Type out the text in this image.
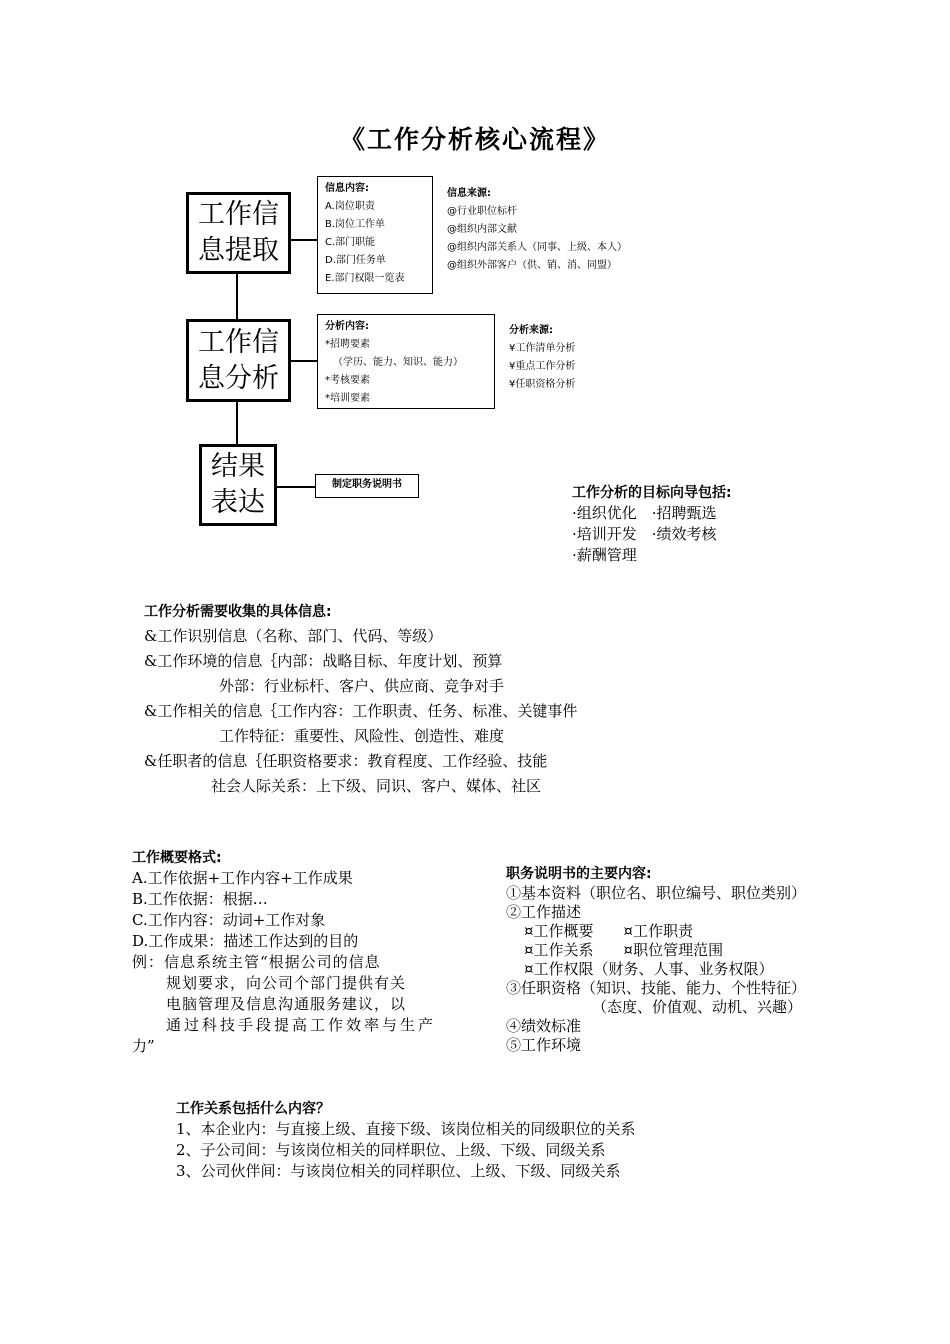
《工作分析核心流程》
工作信
息提取
工作信
息分析
结果
表达
信息内容:
A.岗位职责
B.岗位工作单
C.部门职能
D.部门任务单
E.部门权限一览表
信息来源:
@行业职位标杆
@组织内部文献
@组织内部关系人（同事、上级、本人）
@组织外部客户（供、销、消、同盟）
分析内容:
*招聘要素
（学历、能力、知识、能力）
*考核要素
*培训要素
分析来源:
¥工作清单分析
¥重点工作分析
¥任职资格分析
制定职务说明书
工作分析的目标向导包括:
·组织优化　·招聘甄选
·培训开发　·绩效考核
·薪酬管理
工作分析需要收集的具体信息:
&工作识别信息（名称、部门、代码、等级）
&工作环境的信息｛内部：战略目标、年度计划、预算
外部：行业标杆、客户、供应商、竞争对手
&工作相关的信息｛工作内容：工作职责、任务、标准、关键事件
工作特征：重要性、风险性、创造性、难度
&任职者的信息｛任职资格要求：教育程度、工作经验、技能
社会人际关系：上下级、同识、客户、媒体、社区
工作概要格式:
A.工作依据+工作内容+工作成果
B.工作依据：根据…
C.工作内容：动词+工作对象
D.工作成果：描述工作达到的目的
例：信息系统主管“根据公司的信息
规划要求，向公司个部门提供有关
电脑管理及信息沟通服务建议，以
通过科技手段提高工作效率与生产
力”
职务说明书的主要内容:
①基本资料（职位名、职位编号、职位类别）
②工作描述
¤工作概要　　¤工作职责
¤工作关系　　¤职位管理范围
¤工作权限（财务、人事、业务权限）
③任职资格（知识、技能、能力、个性特征）
（态度、价值观、动机、兴趣）
④绩效标准
⑤工作环境
工作关系包括什么内容？
1、本企业内：与直接上级、直接下级、该岗位相关的同级职位的关系
2、子公司间：与该岗位相关的同样职位、上级、下级、同级关系
3、公司伙伴间：与该岗位相关的同样职位、上级、下级、同级关系
